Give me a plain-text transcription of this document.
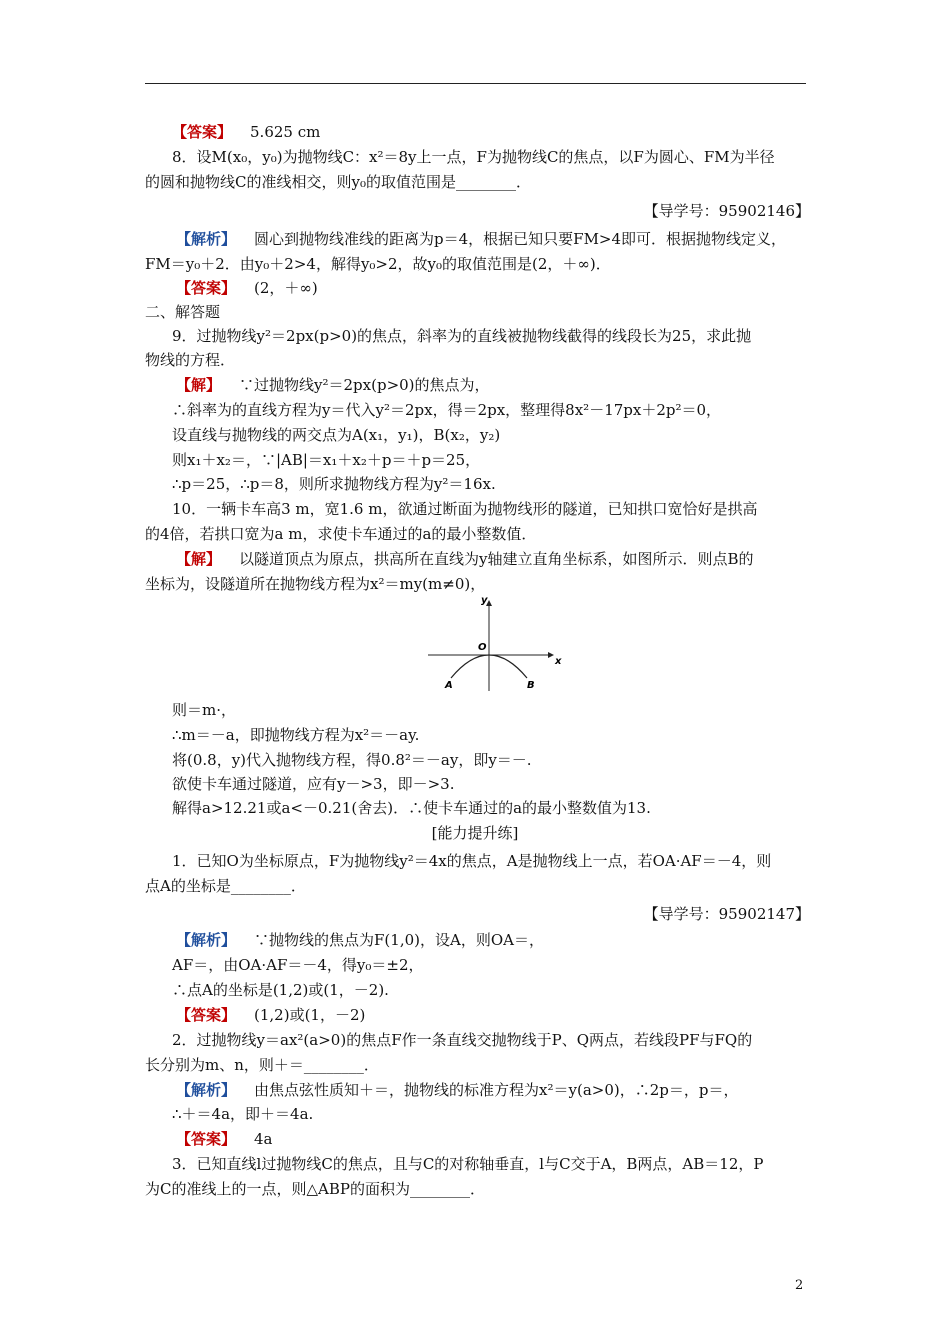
【答案】 5.625 cm
8．设M(x₀，y₀)为抛物线C：x²＝8y上一点，F为抛物线C的焦点，以F为圆心、FM为半径
的圆和抛物线C的准线相交，则y₀的取值范围是________．
【导学号：95902146】
【解析】 圆心到抛物线准线的距离为p＝4，根据已知只要FM>4即可．根据抛物线定义，
FM＝y₀＋2．由y₀＋2>4，解得y₀>2，故y₀的取值范围是(2，＋∞)．
【答案】 (2，＋∞)
二、解答题
9．过抛物线y²＝2px(p>0)的焦点，斜率为的直线被抛物线截得的线段长为25，求此抛
物线的方程．
【解】 ∵过抛物线y²＝2px(p>0)的焦点为，
∴斜率为的直线方程为y＝代入y²＝2px，得＝2px，整理得8x²－17px＋2p²＝0，
设直线与抛物线的两交点为A(x₁，y₁)，B(x₂，y₂)
则x₁＋x₂＝，∵|AB|＝x₁＋x₂＋p＝＋p＝25，
∴p＝25，∴p＝8，则所求抛物线方程为y²＝16x.
10．一辆卡车高3 m，宽1.6 m，欲通过断面为抛物线形的隧道，已知拱口宽恰好是拱高
的4倍，若拱口宽为a m，求使卡车通过的a的最小整数值．
【解】 以隧道顶点为原点，拱高所在直线为y轴建立直角坐标系，如图所示．则点B的
坐标为，设隧道所在抛物线方程为x²＝my(m≠0)，
y
x
O
A	B
则＝m·，
∴m＝－a，即抛物线方程为x²＝－ay.
将(0.8，y)代入抛物线方程，得0.8²＝－ay，即y＝－.
欲使卡车通过隧道，应有y－>3，即－>3.
解得a>12.21或a<－0.21(舍去)．∴使卡车通过的a的最小整数值为13.
[能力提升练]
1．已知O为坐标原点，F为抛物线y²＝4x的焦点，A是抛物线上一点，若OA·AF＝－4，则
点A的坐标是________．
【导学号：95902147】
【解析】 ∵抛物线的焦点为F(1,0)，设A，则OA＝，
AF＝，由OA·AF＝－4，得y₀＝±2，
∴点A的坐标是(1,2)或(1，－2).
【答案】 (1,2)或(1，－2)
2．过抛物线y＝ax²(a>0)的焦点F作一条直线交抛物线于P、Q两点，若线段PF与FQ的
长分别为m、n，则＋＝________．
【解析】 由焦点弦性质知＋＝，抛物线的标准方程为x²＝y(a>0)，∴2p＝，p＝，
∴＋＝4a，即＋＝4a.
【答案】 4a
3．已知直线l过抛物线C的焦点，且与C的对称轴垂直，l与C交于A，B两点，AB＝12，P
为C的准线上的一点，则△ABP的面积为________．
2
